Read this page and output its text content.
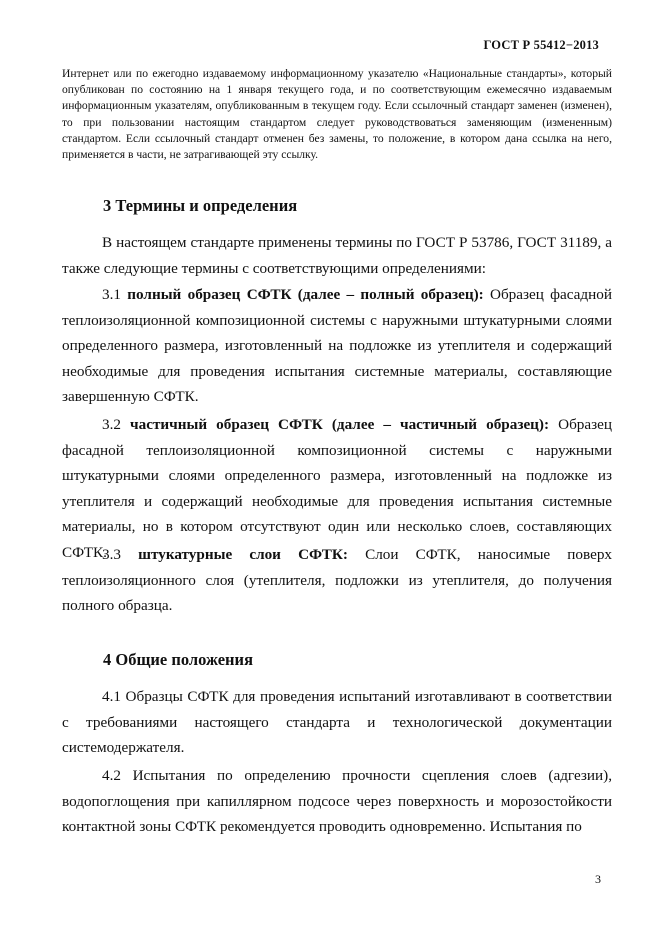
ГОСТ Р 55412−2013

Интернет или по ежегодно издаваемому информационному указателю «Национальные стандарты», который опубликован по состоянию на 1 января текущего года, и по соответствующим ежемесячно издаваемым информационным указателям, опубликованным в текущем году. Если ссылочный стандарт заменен (изменен), то при пользовании настоящим стандартом следует руководствоваться заменяющим (измененным) стандартом. Если ссылочный стандарт отменен без замены, то положение, в котором дана ссылка на него, применяется в части, не затрагивающей эту ссылку.

3 Термины и определения

В настоящем стандарте применены термины по ГОСТ Р 53786, ГОСТ 31189, а также следующие термины с соответствующими определениями:

3.1 полный образец СФТК (далее – полный образец): Образец фасадной теплоизоляционной композиционной системы с наружными штукатурными слоями определенного размера, изготовленный на подложке из утеплителя и содержащий необходимые для проведения испытания системные материалы, составляющие завершенную СФТК.

3.2 частичный образец СФТК (далее – частичный образец): Образец фасадной теплоизоляционной композиционной системы с наружными штукатурными слоями определенного размера, изготовленный на подложке из утеплителя и содержащий необходимые для проведения испытания системные материалы, но в котором отсутствуют один или несколько слоев, составляющих СФТК.

3.3 штукатурные слои СФТК: Слои СФТК, наносимые поверх теплоизоляционного слоя (утеплителя, подложки из утеплителя, до получения полного образца.

4 Общие положения

4.1 Образцы СФТК для проведения испытаний изготавливают в соответствии с требованиями настоящего стандарта и технологической документации системодержателя.

4.2 Испытания по определению прочности сцепления слоев (адгезии), водопоглощения при капиллярном подсосе через поверхность и морозостойкости контактной зоны СФТК рекомендуется проводить одновременно. Испытания по

3
